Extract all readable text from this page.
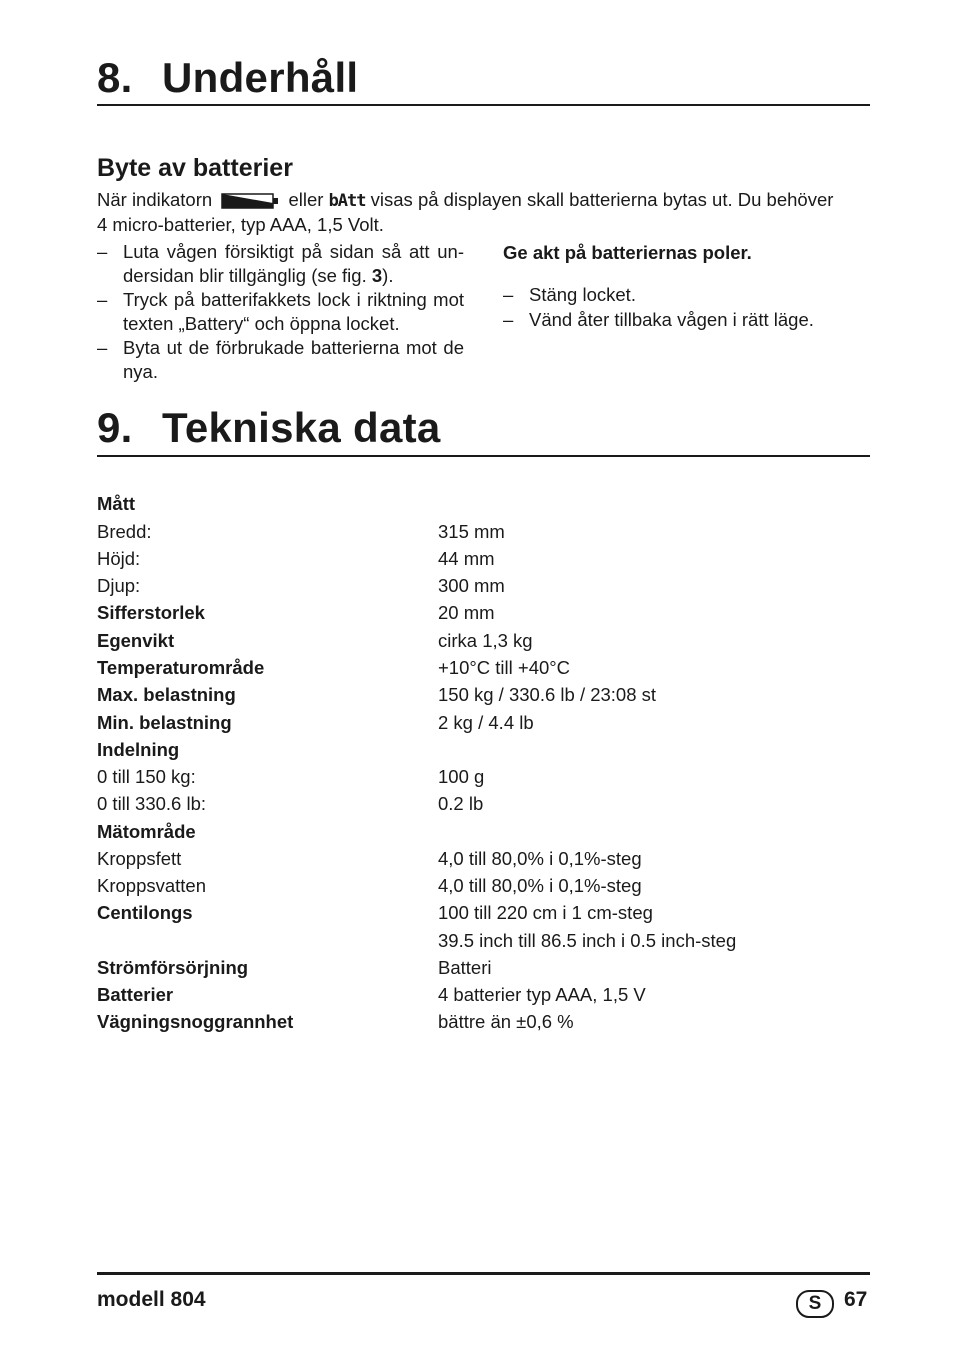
8. Underhåll
Byte av batterier
När indikatorn	eller bAtt visas på displayen skall batterierna bytas ut. Du behöver
4 micro-batterier, typ AAA, 1,5 Volt.
– Luta vågen försiktigt på sidan så att un-dersidan blir tillgänglig (se fig. 3).
– Tryck på batterifakkets lock i riktning mot texten „Battery“ och öppna locket.
– Byta ut de förbrukade batterierna mot de nya.
Ge akt på batteriernas poler.
– Stäng locket.
– Vänd åter tillbaka vågen i rätt läge.
9. Tekniska data
Mått
Bredd:	315 mm
Höjd:	44 mm
Djup:	300 mm
Sifferstorlek	20 mm
Egenvikt	cirka 1,3 kg
Temperaturområde	+10°C till +40°C
Max. belastning	150 kg / 330.6 lb / 23:08 st
Min. belastning	2 kg / 4.4 lb
Indelning
0 till 150 kg:	100 g
0 till 330.6 lb:	0.2 lb
Mätområde
Kroppsfett	4,0 till 80,0% i 0,1%-steg
Kroppsvatten	4,0 till 80,0% i 0,1%-steg
Centilongs	100 till 220 cm i 1 cm-steg
39.5 inch till 86.5 inch i 0.5 inch-steg
Strömförsörjning	Batteri
Batterier	4 batterier typ AAA, 1,5 V
Vägningsnoggrannhet	bättre än ±0,6 %
modell 804	S	67
